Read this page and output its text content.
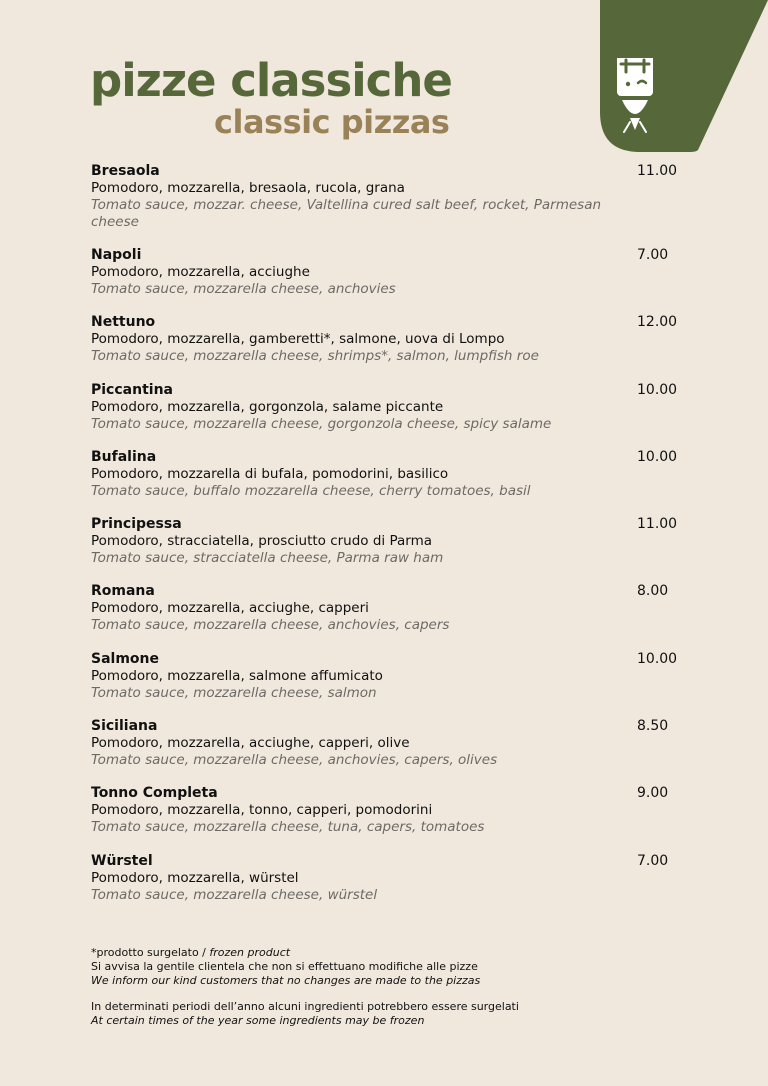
pizze classiche
classic pizzas
Bresaola
Pomodoro, mozzarella, bresaola, rucola, grana
Tomato sauce, mozzar. cheese, Valtellina cured salt beef, rocket, Parmesan cheese
11.00
Napoli
Pomodoro, mozzarella, acciughe
Tomato sauce, mozzarella cheese, anchovies
7.00
Nettuno
Pomodoro, mozzarella, gamberetti*, salmone, uova di Lompo
Tomato sauce, mozzarella cheese, shrimps*, salmon, lumpfish roe
12.00
Piccantina
Pomodoro, mozzarella, gorgonzola, salame piccante
Tomato sauce, mozzarella cheese, gorgonzola cheese, spicy salame
10.00
Bufalina
Pomodoro, mozzarella di bufala, pomodorini, basilico
Tomato sauce, buffalo mozzarella cheese, cherry tomatoes, basil
10.00
Principessa
Pomodoro, stracciatella, prosciutto crudo di Parma
Tomato sauce, stracciatella cheese, Parma raw ham
11.00
Romana
Pomodoro, mozzarella, acciughe, capperi
Tomato sauce, mozzarella cheese, anchovies, capers
8.00
Salmone
Pomodoro, mozzarella, salmone affumicato
Tomato sauce, mozzarella cheese, salmon
10.00
Siciliana
Pomodoro, mozzarella, acciughe, capperi, olive
Tomato sauce, mozzarella cheese, anchovies, capers, olives
8.50
Tonno Completa
Pomodoro, mozzarella, tonno, capperi, pomodorini
Tomato sauce, mozzarella cheese, tuna, capers, tomatoes
9.00
Würstel
Pomodoro, mozzarella, würstel
Tomato sauce, mozzarella cheese, würstel
7.00
*prodotto surgelato / frozen product
Si avvisa la gentile clientela che non si effettuano modifiche alle pizze
We inform our kind customers that no changes are made to the pizzas
In determinati periodi dell’anno alcuni ingredienti potrebbero essere surgelati
At certain times of the year some ingredients may be frozen
